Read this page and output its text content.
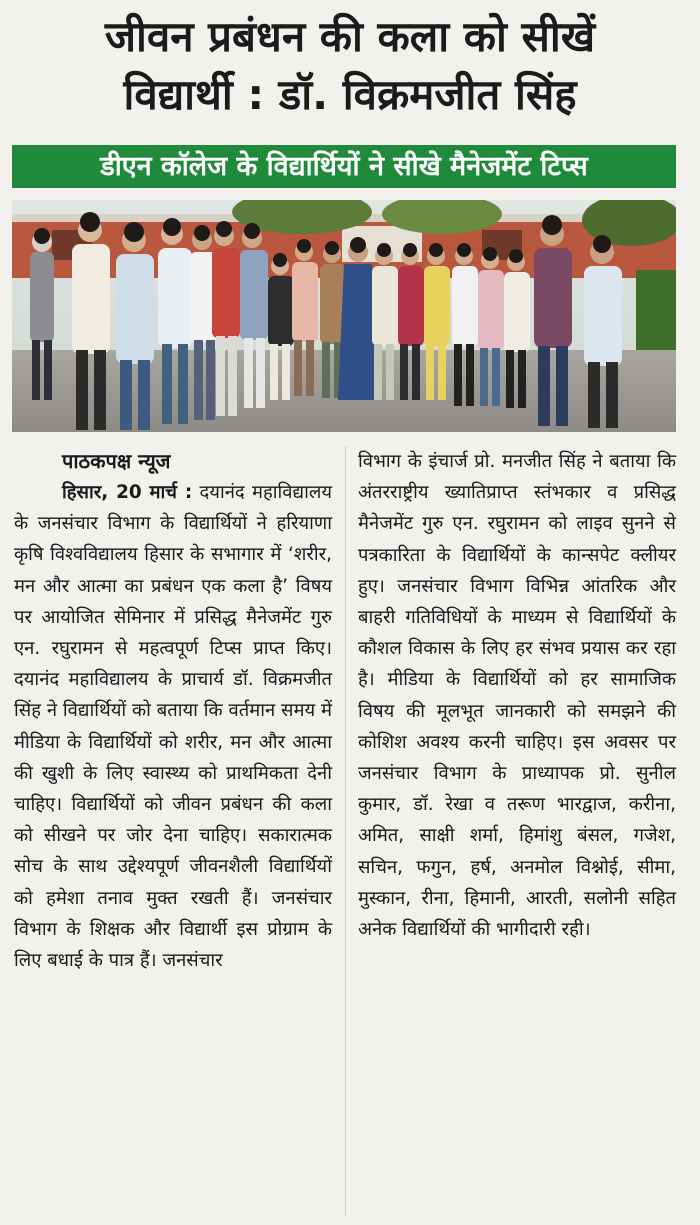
जीवन प्रबंधन की कला को सीखें
विद्यार्थी : डॉ. विक्रमजीत सिंह
डीएन कॉलेज के विद्यार्थियों ने सीखे मैनेजमेंट टिप्स
पाठकपक्ष न्यूज
हिसार, 20 मार्च : दयानंद महाविद्यालय के जनसंचार विभाग के विद्यार्थियों ने हरियाणा कृषि विश्वविद्यालय हिसार के सभागार में ‘शरीर, मन और आत्मा का प्रबंधन एक कला है’ विषय पर आयोजित सेमिनार में प्रसिद्ध मैनेजमेंट गुरु एन. रघुरामन से महत्वपूर्ण टिप्स प्राप्त किए। दयानंद महाविद्यालय के प्राचार्य डॉ. विक्रमजीत सिंह ने विद्यार्थियों को बताया कि वर्तमान समय में मीडिया के विद्यार्थियों को शरीर, मन और आत्मा की खुशी के लिए स्वास्थ्य को प्राथमिकता देनी चाहिए। विद्यार्थियों को जीवन प्रबंधन की कला को सीखने पर जोर देना चाहिए। सकारात्मक सोच के साथ उद्देश्यपूर्ण जीवनशैली विद्यार्थियों को हमेशा तनाव मुक्त रखती हैं। जनसंचार विभाग के शिक्षक और विद्यार्थी इस प्रोग्राम के लिए बधाई के पात्र हैं। जनसंचार
विभाग के इंचार्ज प्रो. मनजीत सिंह ने बताया कि अंतरराष्ट्रीय ख्यातिप्राप्त स्तंभकार व प्रसिद्ध मैनेजमेंट गुरु एन. रघुरामन को लाइव सुनने से पत्रकारिता के विद्यार्थियों के कान्सपेट क्लीयर हुए। जनसंचार विभाग विभिन्न आंतरिक और बाहरी गतिविधियों के माध्यम से विद्यार्थियों के कौशल विकास के लिए हर संभव प्रयास कर रहा है। मीडिया के विद्यार्थियों को हर सामाजिक विषय की मूलभूत जानकारी को समझने की कोशिश अवश्य करनी चाहिए। इस अवसर पर जनसंचार विभाग के प्राध्यापक प्रो. सुनील कुमार, डॉ. रेखा व तरूण भारद्वाज, करीना, अमित, साक्षी शर्मा, हिमांशु बंसल, गजेश, सचिन, फगुन, हर्ष, अनमोल विश्नोई, सीमा, मुस्कान, रीना, हिमानी, आरती, सलोनी सहित अनेक विद्यार्थियों की भागीदारी रही।
